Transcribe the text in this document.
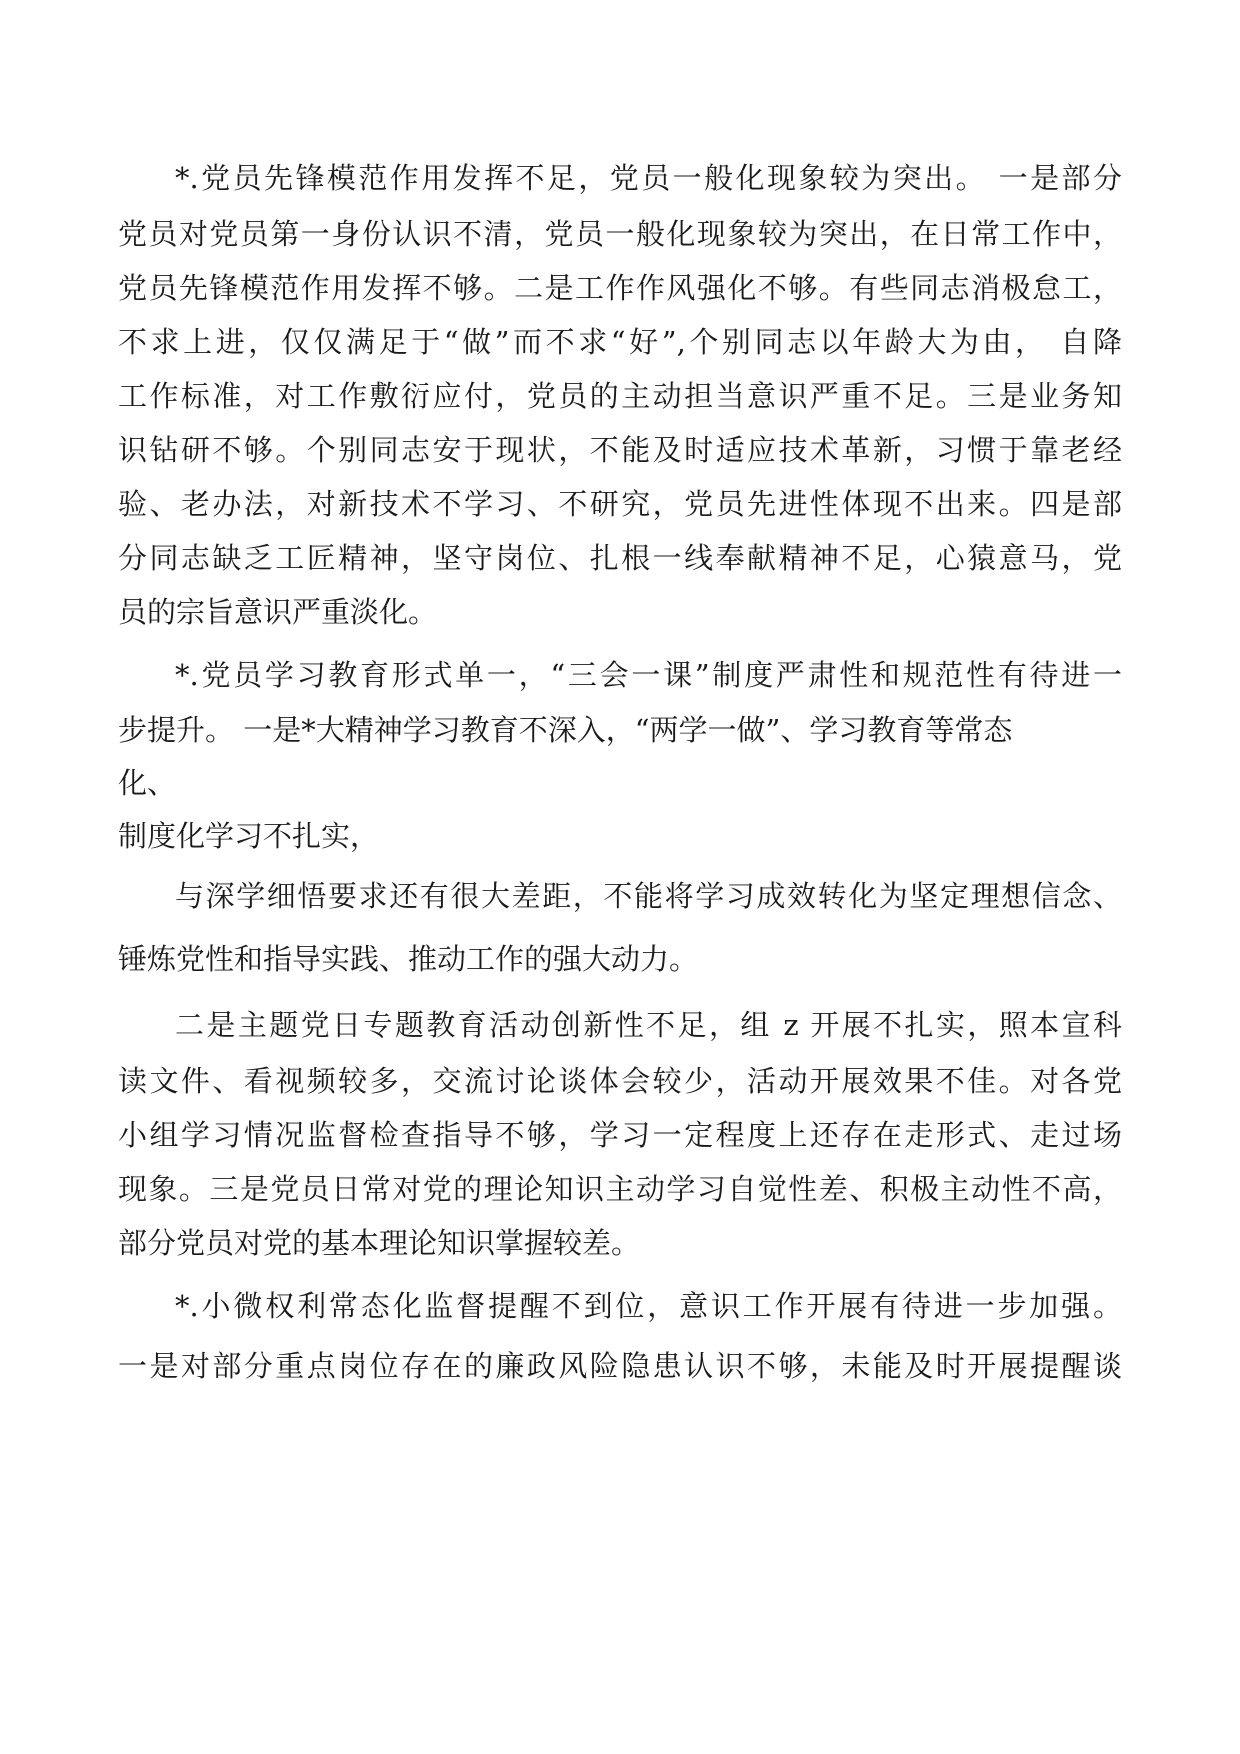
*.党员先锋模范作用发挥不足，党员一般化现象较为突出。 一是部分
党员对党员第一身份认识不清，党员一般化现象较为突出，在日常工作中，
党员先锋模范作用发挥不够。二是工作作风强化不够。有些同志消极怠工，
不求上进，仅仅满足于“做”而不求“好”,个别同志以年龄大为由， 自降
工作标准，对工作敷衍应付，党员的主动担当意识严重不足。三是业务知
识钻研不够。个别同志安于现状，不能及时适应技术革新，习惯于靠老经
验、老办法，对新技术不学习、不研究，党员先进性体现不出来。四是部
分同志缺乏工匠精神，坚守岗位、扎根一线奉献精神不足，心猿意马，党
员的宗旨意识严重淡化。
*.党员学习教育形式单一，“三会一课”制度严肃性和规范性有待进一
步提升。 一是*大精神学习教育不深入，“两学一做”、学习教育等常态
化、
制度化学习不扎实，
与深学细悟要求还有很大差距，不能将学习成效转化为坚定理想信念、
锤炼党性和指导实践、推动工作的强大动力。
二是主题党日专题教育活动创新性不足，组 z 开展不扎实，照本宣科
读文件、看视频较多，交流讨论谈体会较少，活动开展效果不佳。对各党
小组学习情况监督检查指导不够，学习一定程度上还存在走形式、走过场
现象。三是党员日常对党的理论知识主动学习自觉性差、积极主动性不高，
部分党员对党的基本理论知识掌握较差。
*.小微权利常态化监督提醒不到位，意识工作开展有待进一步加强。
一是对部分重点岗位存在的廉政风险隐患认识不够，未能及时开展提醒谈
